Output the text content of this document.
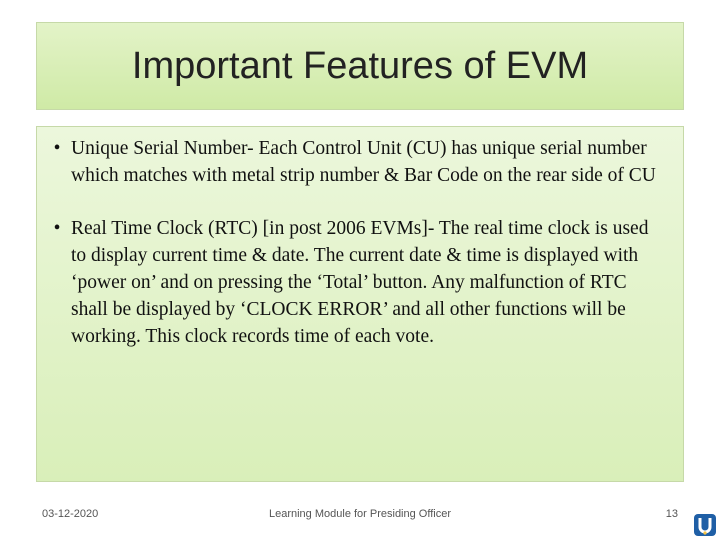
Important Features of EVM
• Unique Serial Number- Each Control Unit (CU) has unique serial number which matches with metal strip number & Bar Code on the rear side of CU
• Real Time Clock (RTC) [in post 2006 EVMs]- The real time clock is used to display current time & date. The current date & time is displayed with ‘power on’ and on pressing the ‘Total’ button. Any malfunction of RTC shall be displayed by ‘CLOCK ERROR’ and all other functions will be working. This clock records time of each vote.
03-12-2020	Learning Module for Presiding Officer	13
